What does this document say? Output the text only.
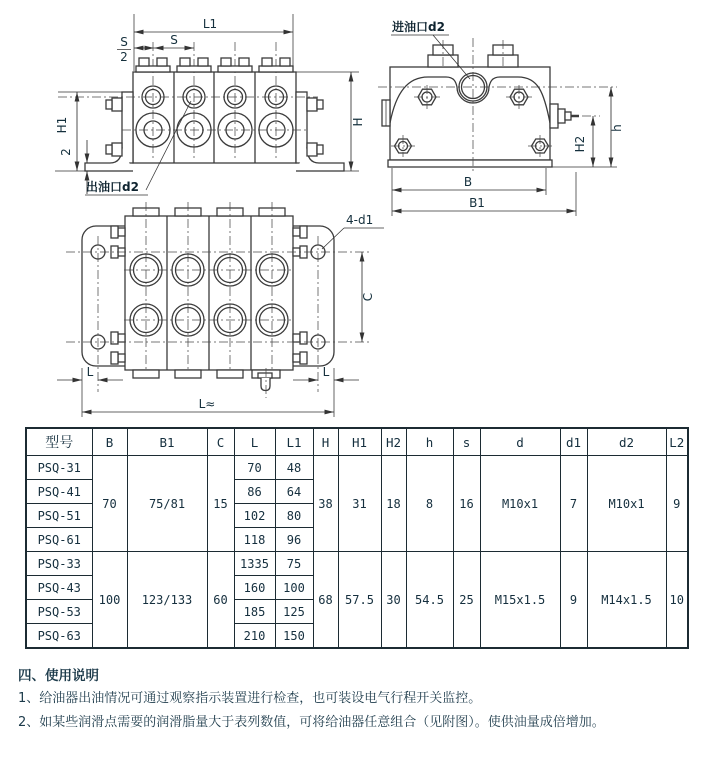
L1
S
S
2
H1
2
H
出油口d2	B
B1
h
H2
进油口d2
C
4-d1
L	L
L≈
型号	B	B1	C	L	L1	H	H1	H2	h	s	d	d1	d2	L2
PSQ-31	70	75/81	15	70	48	38	31	18	8	16	M10x1	7	M10x1	9
PSQ-41				86	64									
PSQ-51				102	80									
PSQ-61				118	96									
PSQ-33	100	123/133	60	1335	75	68	57.5	30	54.5	25	M15x1.5	9	M14x1.5	10
PSQ-43				160	100									
PSQ-53				185	125									
PSQ-63				210	150									

四、使用说明

1、给油器出油情况可通过观察指示装置进行检查，也可装设电气行程开关监控。

2、如某些润滑点需要的润滑脂量大于表列数值，可将给油器任意组合（见附图）。使供油量成倍增加。
